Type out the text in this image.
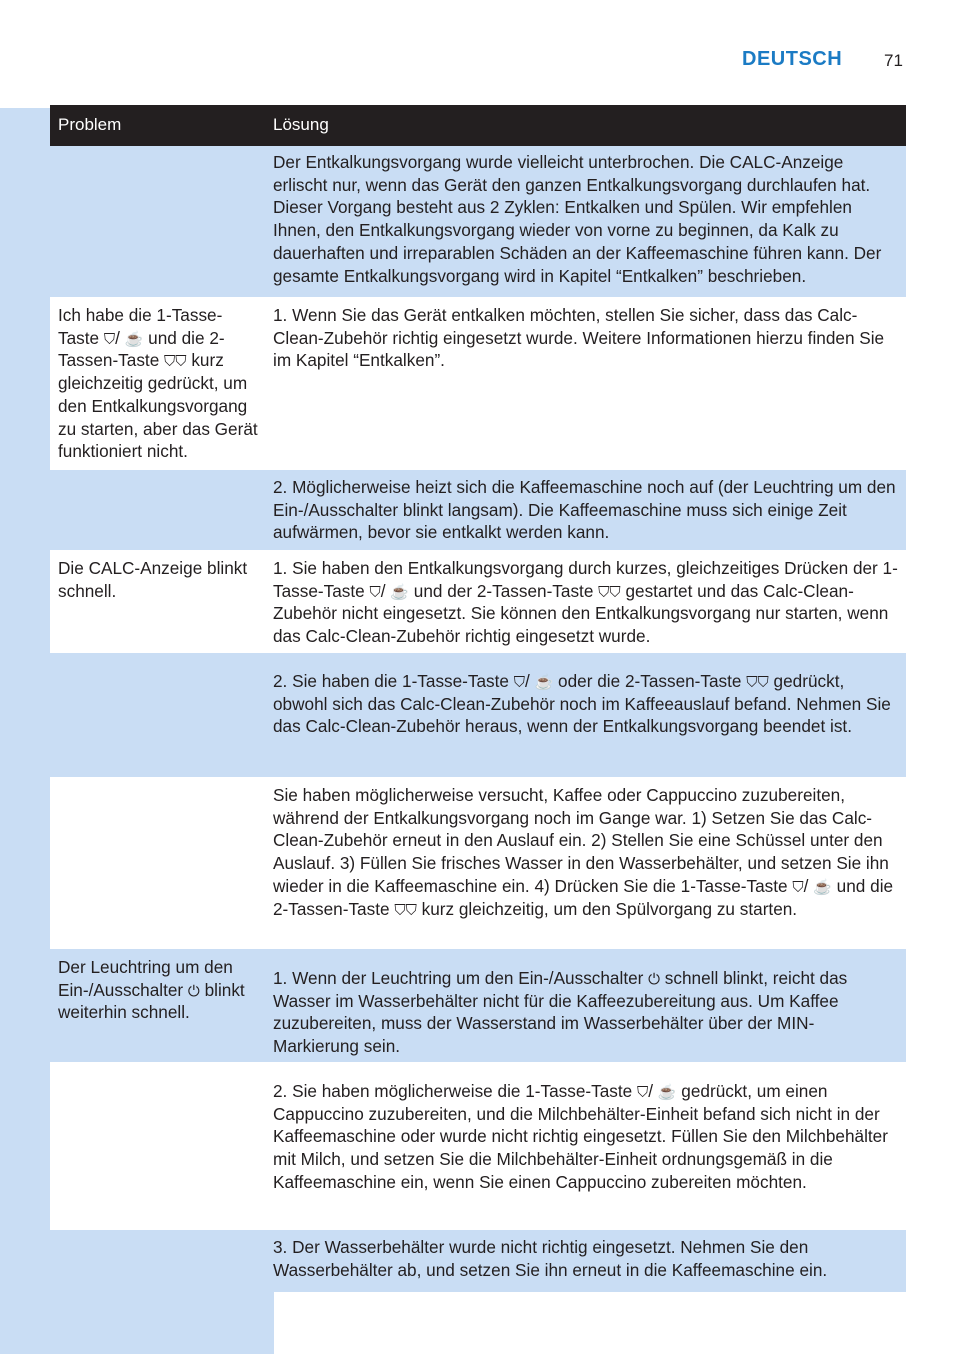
DEUTSCH 71
Problem	Lösung
	Der Entkalkungsvorgang wurde vielleicht unterbrochen. Die CALC-Anzeige erlischt nur, wenn das Gerät den ganzen Entkalkungsvorgang durchlaufen hat. Dieser Vorgang besteht aus 2 Zyklen: Entkalken und Spülen. Wir empfehlen Ihnen, den Entkalkungsvorgang wieder von vorne zu beginnen, da Kalk zu dauerhaften und irreparablen Schäden an der Kaffeemaschine führen kann. Der gesamte Entkalkungsvorgang wird in Kapitel “Entkalken” beschrieben.
Ich habe die 1-Tasse-Taste ⛉/ ☕ und die 2-Tassen-Taste ⛉⛉ kurz gleichzeitig gedrückt, um den Entkalkungsvorgang zu starten, aber das Gerät funktioniert nicht.	1. Wenn Sie das Gerät entkalken möchten, stellen Sie sicher, dass das Calc-Clean-Zubehör richtig eingesetzt wurde. Weitere Informationen hierzu finden Sie im Kapitel “Entkalken”.
	2. Möglicherweise heizt sich die Kaffeemaschine noch auf (der Leuchtring um den Ein-/Ausschalter blinkt langsam). Die Kaffeemaschine muss sich einige Zeit aufwärmen, bevor sie entkalkt werden kann.
Die CALC-Anzeige blinkt schnell.	1. Sie haben den Entkalkungsvorgang durch kurzes, gleichzeitiges Drücken der 1-Tasse-Taste ⛉/ ☕ und der 2-Tassen-Taste ⛉⛉ gestartet und das Calc-Clean-Zubehör nicht eingesetzt. Sie können den Entkalkungsvorgang nur starten, wenn das Calc-Clean-Zubehör richtig eingesetzt wurde.
	2. Sie haben die 1-Tasse-Taste ⛉/ ☕ oder die 2-Tassen-Taste ⛉⛉ gedrückt, obwohl sich das Calc-Clean-Zubehör noch im Kaffeeauslauf befand. Nehmen Sie das Calc-Clean-Zubehör heraus, wenn der Entkalkungsvorgang beendet ist.
	Sie haben möglicherweise versucht, Kaffee oder Cappuccino zuzubereiten, während der Entkalkungsvorgang noch im Gange war. 1) Setzen Sie das Calc-Clean-Zubehör erneut in den Auslauf ein. 2) Stellen Sie eine Schüssel unter den Auslauf. 3) Füllen Sie frisches Wasser in den Wasserbehälter, und setzen Sie ihn wieder in die Kaffeemaschine ein. 4) Drücken Sie die 1-Tasse-Taste ⛉/ ☕ und die 2-Tassen-Taste ⛉⛉ kurz gleichzeitig, um den Spülvorgang zu starten.
Der Leuchtring um den Ein-/Ausschalter ⏻ blinkt weiterhin schnell.	1. Wenn der Leuchtring um den Ein-/Ausschalter ⏻ schnell blinkt, reicht das Wasser im Wasserbehälter nicht für die Kaffeezubereitung aus. Um Kaffee zuzubereiten, muss der Wasserstand im Wasserbehälter über der MIN-Markierung sein.
	2. Sie haben möglicherweise die 1-Tasse-Taste ⛉/ ☕ gedrückt, um einen Cappuccino zuzubereiten, und die Milchbehälter-Einheit befand sich nicht in der Kaffeemaschine oder wurde nicht richtig eingesetzt. Füllen Sie den Milchbehälter mit Milch, und setzen Sie die Milchbehälter-Einheit ordnungsgemäß in die Kaffeemaschine ein, wenn Sie einen Cappuccino zubereiten möchten.
	3. Der Wasserbehälter wurde nicht richtig eingesetzt. Nehmen Sie den Wasserbehälter ab, und setzen Sie ihn erneut in die Kaffeemaschine ein.
